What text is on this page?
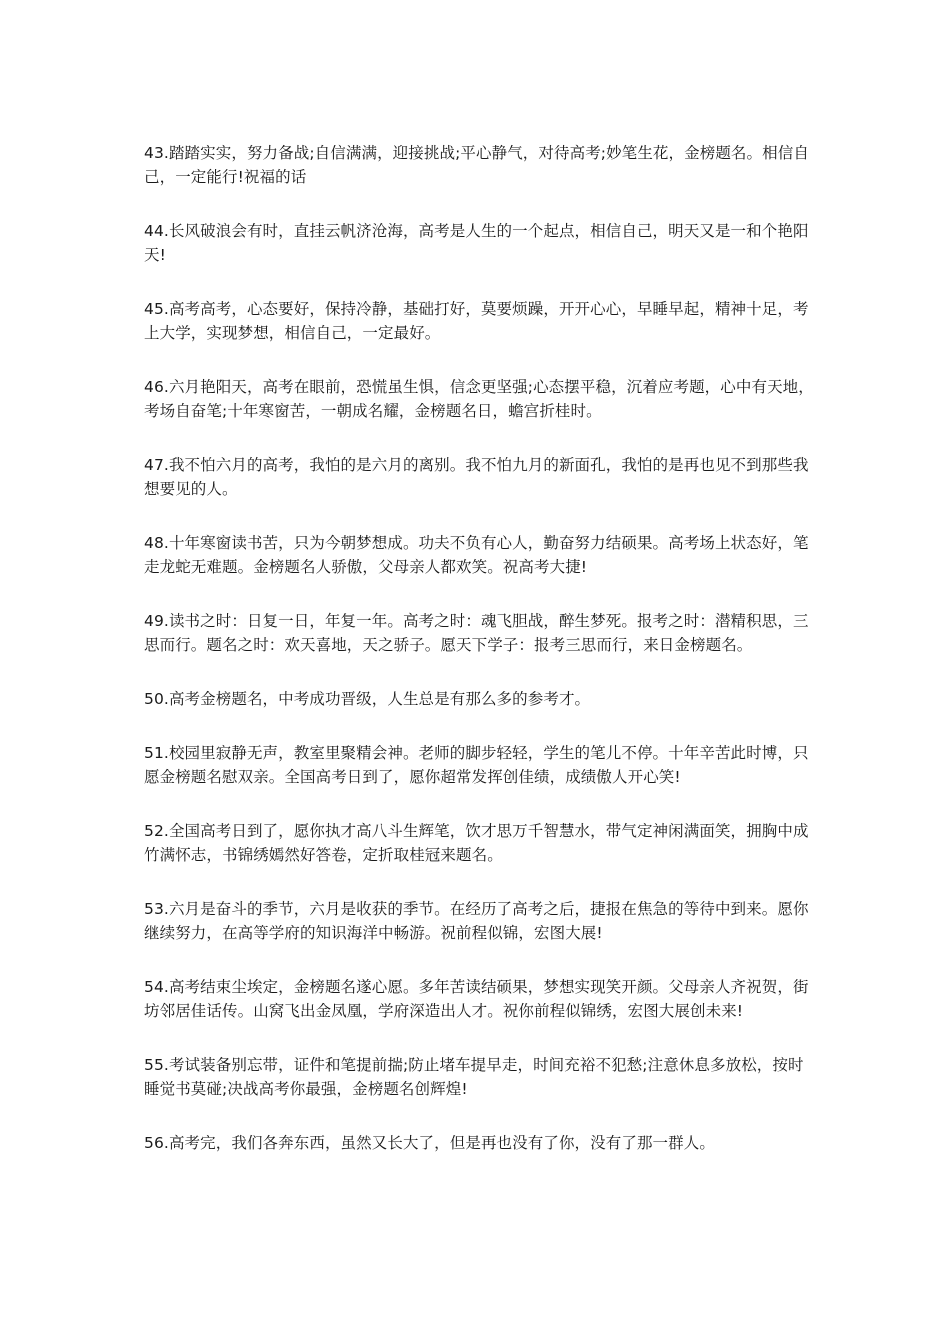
43.踏踏实实，努力备战;自信满满，迎接挑战;平心静气，对待高考;妙笔生花，金榜题名。相信自己，一定能行!祝福的话

44.长风破浪会有时，直挂云帆济沧海，高考是人生的一个起点，相信自己，明天又是一和个艳阳天!

45.高考高考，心态要好，保持冷静，基础打好，莫要烦躁，开开心心，早睡早起，精神十足，考上大学，实现梦想，相信自己，一定最好。

46.六月艳阳天，高考在眼前，恐慌虽生惧，信念更坚强;心态摆平稳，沉着应考题，心中有天地，考场自奋笔;十年寒窗苦，一朝成名耀，金榜题名日，蟾宫折桂时。

47.我不怕六月的高考，我怕的是六月的离别。我不怕九月的新面孔，我怕的是再也见不到那些我想要见的人。

48.十年寒窗读书苦，只为今朝梦想成。功夫不负有心人，勤奋努力结硕果。高考场上状态好，笔走龙蛇无难题。金榜题名人骄傲，父母亲人都欢笑。祝高考大捷!

49.读书之时：日复一日，年复一年。高考之时：魂飞胆战，醉生梦死。报考之时：潜精积思，三思而行。题名之时：欢天喜地，天之骄子。愿天下学子：报考三思而行，来日金榜题名。

50.高考金榜题名，中考成功晋级，人生总是有那么多的参考才。

51.校园里寂静无声，教室里聚精会神。老师的脚步轻轻，学生的笔儿不停。十年辛苦此时博，只愿金榜题名慰双亲。全国高考日到了，愿你超常发挥创佳绩，成绩傲人开心笑!

52.全国高考日到了，愿你执才高八斗生辉笔，饮才思万千智慧水，带气定神闲满面笑，拥胸中成竹满怀志，书锦绣嫣然好答卷，定折取桂冠来题名。

53.六月是奋斗的季节，六月是收获的季节。在经历了高考之后，捷报在焦急的等待中到来。愿你继续努力，在高等学府的知识海洋中畅游。祝前程似锦，宏图大展!

54.高考结束尘埃定，金榜题名遂心愿。多年苦读结硕果，梦想实现笑开颜。父母亲人齐祝贺，街坊邻居佳话传。山窝飞出金凤凰，学府深造出人才。祝你前程似锦绣，宏图大展创未来!

55.考试装备别忘带，证件和笔提前揣;防止堵车提早走，时间充裕不犯愁;注意休息多放松，按时睡觉书莫碰;决战高考你最强，金榜题名创辉煌!

56.高考完，我们各奔东西，虽然又长大了，但是再也没有了你，没有了那一群人。
